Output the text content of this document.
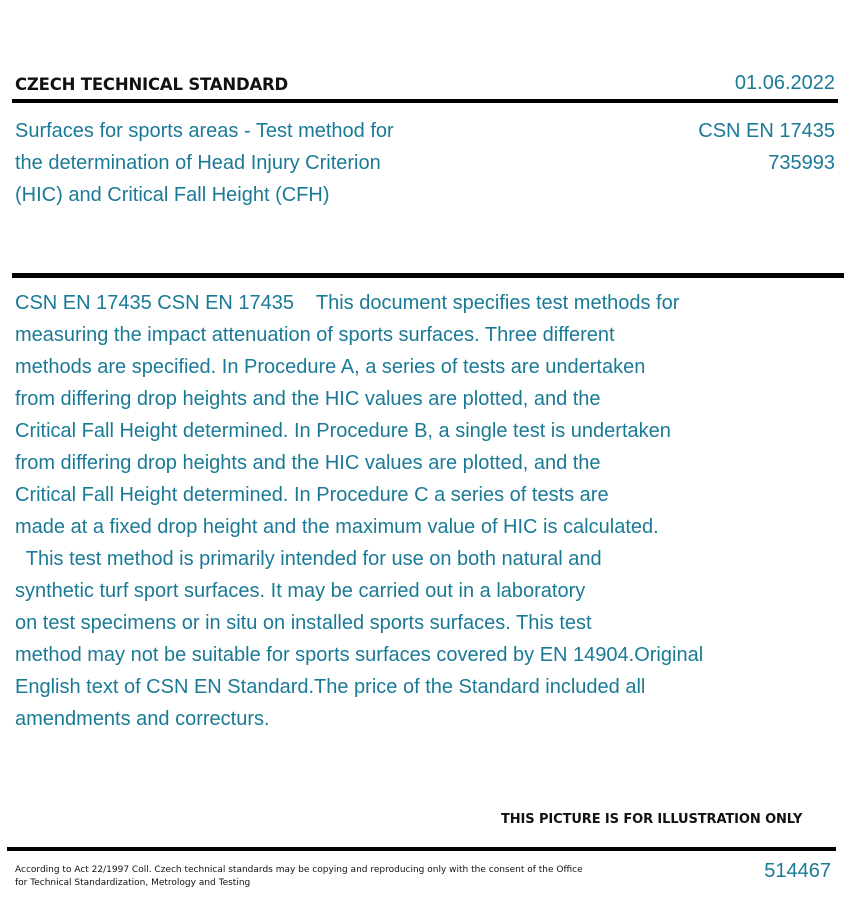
CZECH TECHNICAL STANDARD	01.06.2022
Surfaces for sports areas - Test method for
the determination of Head Injury Criterion
(HIC) and Critical Fall Height (CFH)
CSN EN 17435
735993
CSN EN 17435 CSN EN 17435    This document specifies test methods for
measuring the impact attenuation of sports surfaces. Three different
methods are specified. In Procedure A, a series of tests are undertaken
from differing drop heights and the HIC values are plotted, and the
Critical Fall Height determined. In Procedure B, a single test is undertaken
from differing drop heights and the HIC values are plotted, and the
Critical Fall Height determined. In Procedure C a series of tests are
made at a fixed drop height and the maximum value of HIC is calculated.
This test method is primarily intended for use on both natural and
synthetic turf sport surfaces. It may be carried out in a laboratory
on test specimens or in situ on installed sports surfaces. This test
method may not be suitable for sports surfaces covered by EN 14904.Original
English text of CSN EN Standard.The price of the Standard included all
amendments and correcturs.
THIS PICTURE IS FOR ILLUSTRATION ONLY
According to Act 22/1997 Coll. Czech technical standards may be copying and reproducing only with the consent of the Office
for Technical Standardization, Metrology and Testing
514467
